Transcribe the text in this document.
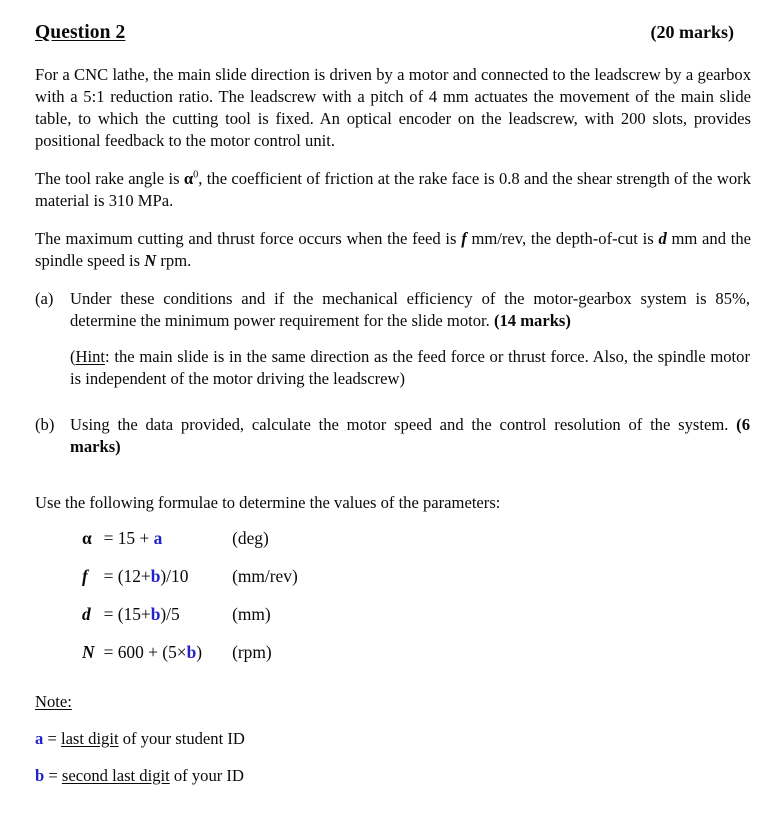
Question 2	(20 marks)

For a CNC lathe, the main slide direction is driven by a motor and connected to the leadscrew by a gearbox with a 5:1 reduction ratio. The leadscrew with a pitch of 4 mm actuates the movement of the main slide table, to which the cutting tool is fixed. An optical encoder on the leadscrew, with 200 slots, provides positional feedback to the motor control unit.

The tool rake angle is $\alpha^0$, the coefficient of friction at the rake face is 0.8 and the shear strength of the work material is 310 MPa.

The maximum cutting and thrust force occurs when the feed is f mm/rev, the depth-of-cut is d mm and the spindle speed is N rpm.

(a) Under these conditions and if the mechanical efficiency of the motor-gearbox system is 85%, determine the minimum power requirement for the slide motor. (14 marks)
(Hint: the main slide is in the same direction as the feed force or thrust force. Also, the spindle motor is independent of the motor driving the leadscrew)
(b) Using the data provided, calculate the motor speed and the control resolution of the system. (6 marks)

Use the following formulae to determine the values of the parameters:

α	= 15 + a	(deg)
f	= (12+b)/10	(mm/rev)
d	= (15+b)/5	(mm)
N	= 600 + (5×b)	(rpm)
Note:
a = last digit of your student ID
b = second last digit of your ID
